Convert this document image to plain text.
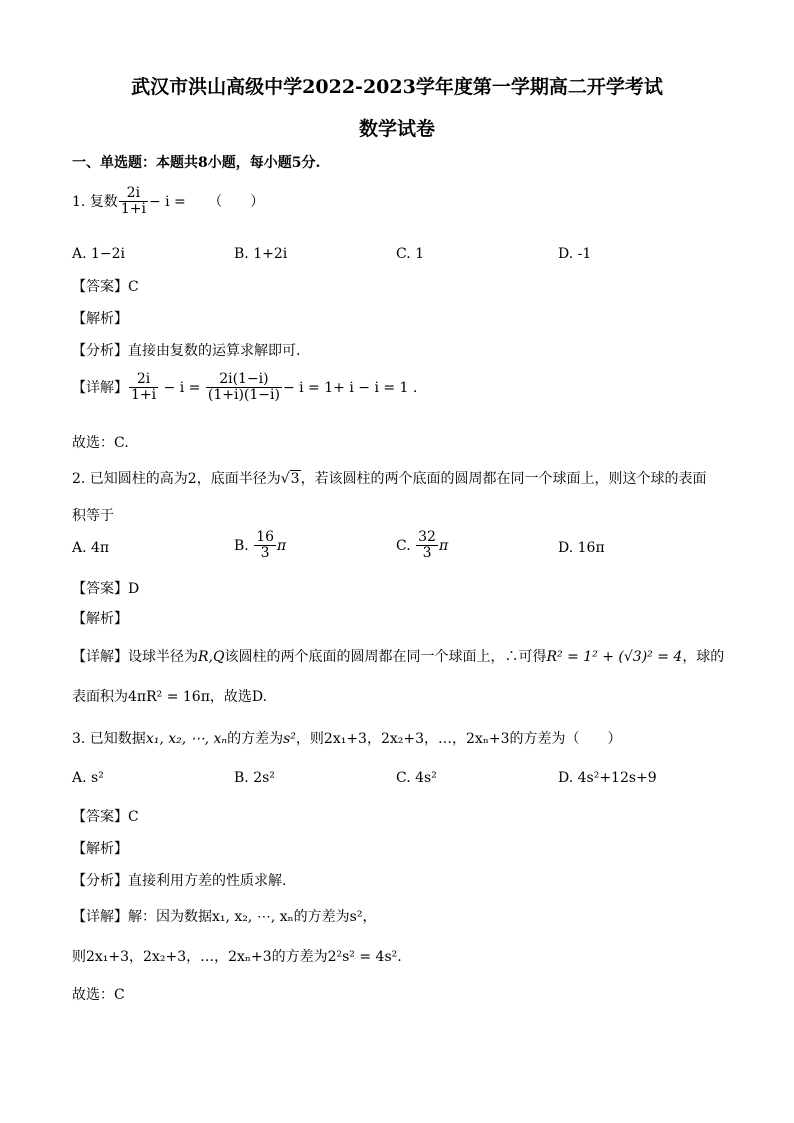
武汉市洪山高级中学2022-2023学年度第一学期高二开学考试
数学试卷
一、单选题：本题共8小题，每小题5分.
1. 复数 $\frac{2i}{1+i} - i$ = （　　）
A. 1−2i	B. 1+2i	C. 1	D. -1
【答案】C
【解析】
【分析】直接由复数的运算求解即可.
【详解】 $\frac{2i}{1+i} - i = \frac{2i(1-i)}{(1+i)(1-i)} - i = 1+ i - i = 1$ .
故选：C.
2. 已知圆柱的高为2，底面半径为√3，若该圆柱的两个底面的圆周都在同一个球面上，则这个球的表面
积等于
A. 4π	B. $\frac{16}{3}$ π	C. $\frac{32}{3}$ π	D. 16π
【答案】D
【解析】
【详解】设球半径为R,Q该圆柱的两个底面的圆周都在同一个球面上，∴可得R² = 1² + (√3)² = 4，球的
表面积为4πR² = 16π，故选D.
3. 已知数据x₁, x₂, ⋯, xₙ的方差为s²，则2x₁+3，2x₂+3，…，2xₙ+3的方差为（　　）
A. s²	B. 2s²	C. 4s²	D. 4s²+12s+9
【答案】C
【解析】
【分析】直接利用方差的性质求解.
【详解】解：因为数据x₁, x₂, ⋯, xₙ的方差为s²，
则2x₁+3，2x₂+3，…，2xₙ+3的方差为2²s² = 4s².
故选：C
